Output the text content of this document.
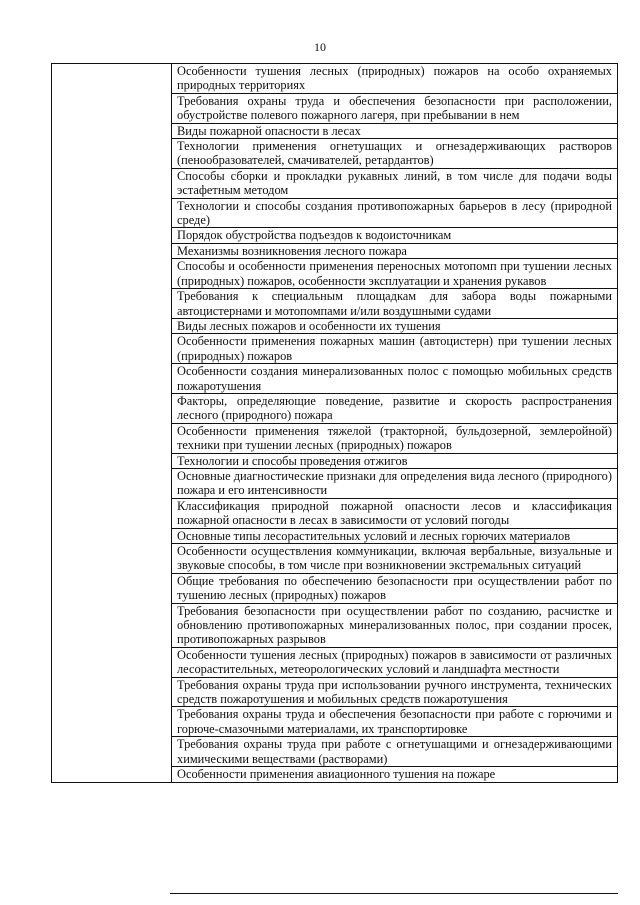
10
	Особенности тушения лесных (природных) пожаров на особо охраняемых природных территориях
Требования охраны труда и обеспечения безопасности при расположении, обустройстве полевого пожарного лагеря, при пребывании в нем
Виды пожарной опасности в лесах
Технологии применения огнетушащих и огнезадерживающих растворов (пенообразователей, смачивателей, ретардантов)
Способы сборки и прокладки рукавных линий, в том числе для подачи воды эстафетным методом
Технологии и способы создания противопожарных барьеров в лесу (природной среде)
Порядок обустройства подъездов к водоисточникам
Механизмы возникновения лесного пожара
Способы и особенности применения переносных мотопомп при тушении лесных (природных) пожаров, особенности эксплуатации и хранения рукавов
Требования к специальным площадкам для забора воды пожарными автоцистернами и мотопомпами и/или воздушными судами
Виды лесных пожаров и особенности их тушения
Особенности применения пожарных машин (автоцистерн) при тушении лесных (природных) пожаров
Особенности создания минерализованных полос с помощью мобильных средств пожаротушения
Факторы, определяющие поведение, развитие и скорость распространения лесного (природного) пожара
Особенности применения тяжелой (тракторной, бульдозерной, землеройной) техники при тушении лесных (природных) пожаров
Технологии и способы проведения отжигов
Основные диагностические признаки для определения вида лесного (природного) пожара и его интенсивности
Классификация природной пожарной опасности лесов и классификация пожарной опасности в лесах в зависимости от условий погоды
Основные типы лесорастительных условий и лесных горючих материалов
Особенности осуществления коммуникации, включая вербальные, визуальные и звуковые способы, в том числе при возникновении экстремальных ситуаций
Общие требования по обеспечению безопасности при осуществлении работ по тушению лесных (природных) пожаров
Требования безопасности при осуществлении работ по созданию, расчистке и обновлению противопожарных минерализованных полос, при создании просек, противопожарных разрывов
Особенности тушения лесных (природных) пожаров в зависимости от различных лесорастительных, метеорологических условий и ландшафта местности
Требования охраны труда при использовании ручного инструмента, технических средств пожаротушения и мобильных средств пожаротушения
Требования охраны труда и обеспечения безопасности при работе с горючими и горюче-смазочными материалами, их транспортировке
Требования охраны труда при работе с огнетушащими и огнезадерживающими химическими веществами (растворами)
Особенности применения авиационного тушения на пожаре
